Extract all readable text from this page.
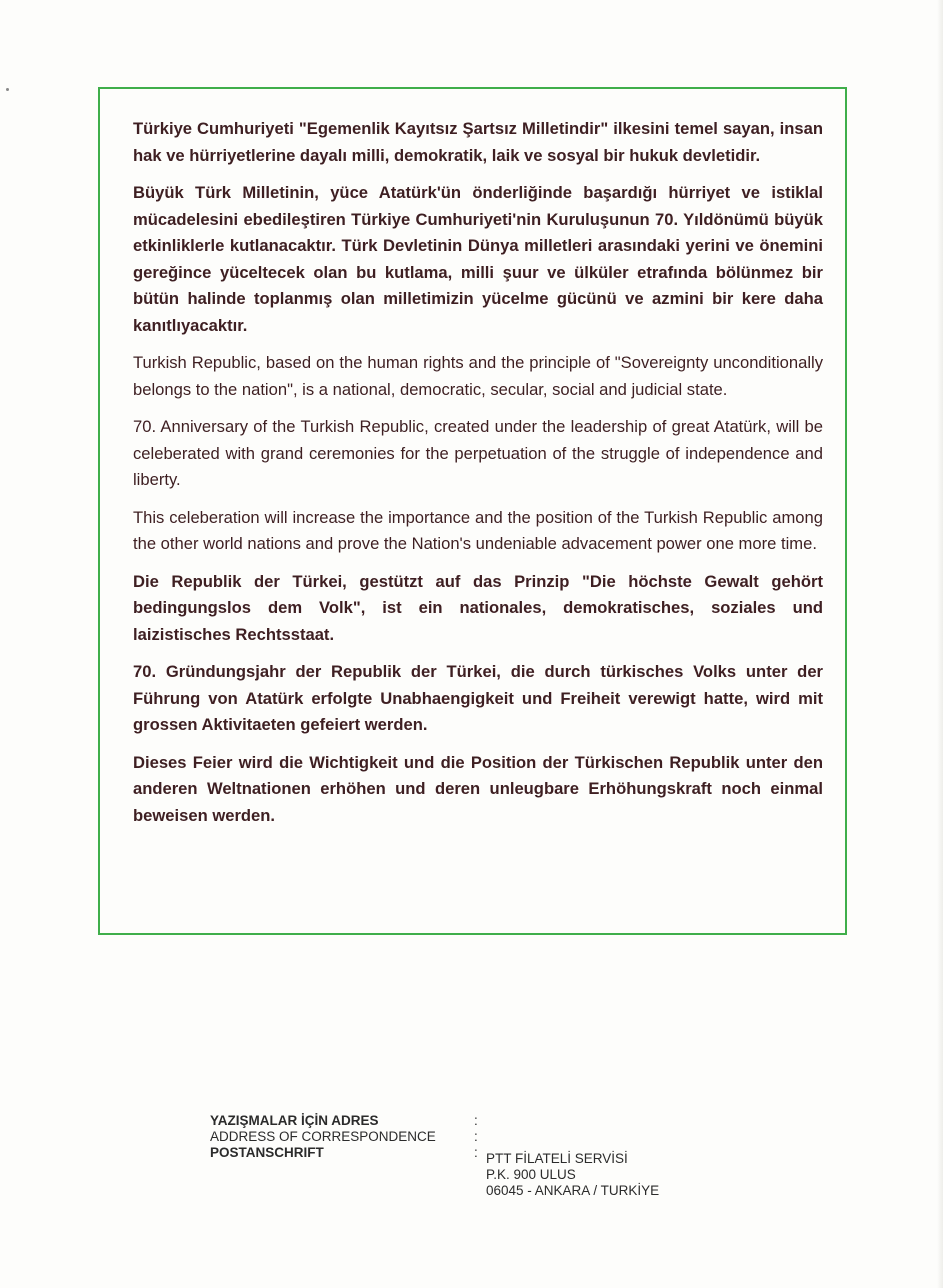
Türkiye Cumhuriyeti "Egemenlik Kayıtsız Şartsız Milletindir" ilkesini temel sayan, insan hak ve hürriyetlerine dayalı milli, demokratik, laik ve sosyal bir hukuk devletidir.

Büyük Türk Milletinin, yüce Atatürk'ün önderliğinde başardığı hürriyet ve istiklal mücadelesini ebedileştiren Türkiye Cumhuriyeti'nin Kuruluşunun 70. Yıldönümü büyük etkinliklerle kutlanacaktır. Türk Devletinin Dünya milletleri arasındaki yerini ve önemini gereğince yüceltecek olan bu kutlama, milli şuur ve ülküler etrafında bölünmez bir bütün halinde toplanmış olan milletimizin yücelme gücünü ve azmini bir kere daha kanıtlıyacaktır.

Turkish Republic, based on the human rights and the principle of "Sovereignty unconditionally belongs to the nation", is a national, democratic, secular, social and judicial state.

70. Anniversary of the Turkish Republic, created under the leadership of great Atatürk, will be celeberated with grand ceremonies for the perpetuation of the struggle of independence and liberty.

This celeberation will increase the importance and the position of the Turkish Republic among the other world nations and prove the Nation's undeniable advacement power one more time.

Die Republik der Türkei, gestützt auf das Prinzip "Die höchste Gewalt gehört bedingungslos dem Volk", ist ein nationales, demokratisches, soziales und laizistisches Rechtsstaat.

70. Gründungsjahr der Republik der Türkei, die durch türkisches Volks unter der Führung von Atatürk erfolgte Unabhaengigkeit und Freiheit verewigt hatte, wird mit grossen Aktivitaeten gefeiert werden.

Dieses Feier wird die Wichtigkeit und die Position der Türkischen Republik unter den anderen Weltnationen erhöhen und deren unleugbare Erhöhungskraft noch einmal beweisen werden.

YAZIŞMALAR İÇİN ADRES
ADDRESS OF CORRESPONDENCE
POSTANSCHRIFT
:
:
: PTT FİLATELİ SERVİSİ
P.K. 900 ULUS
06045 - ANKARA / TURKİYE
